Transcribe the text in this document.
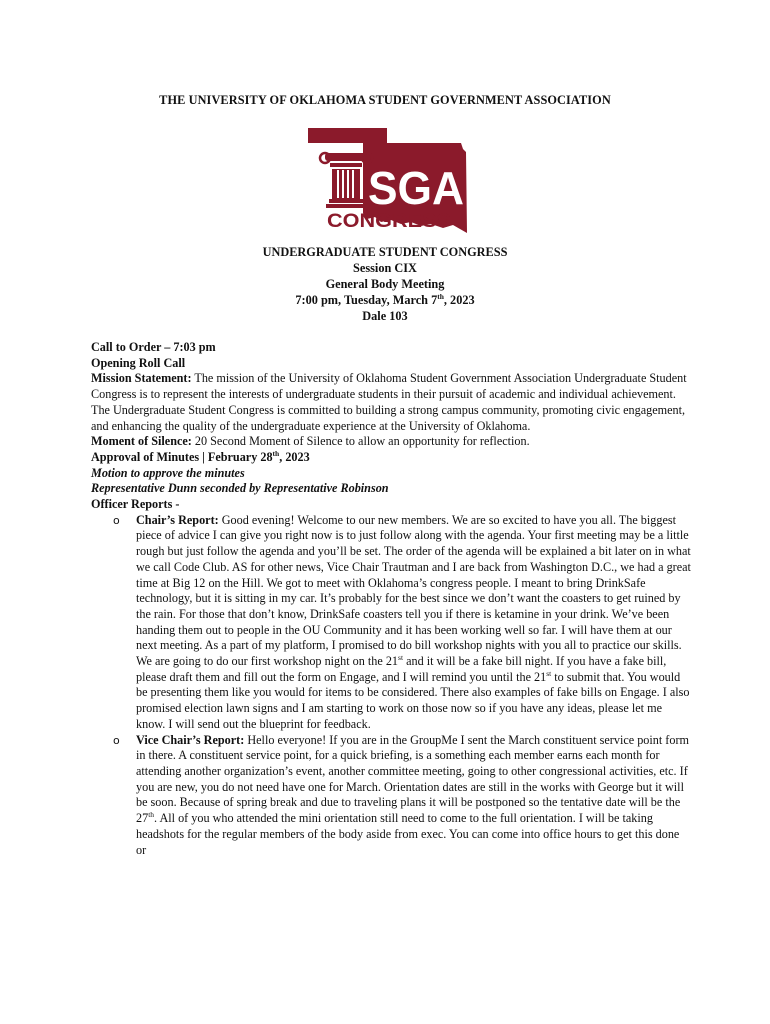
THE UNIVERSITY OF OKLAHOMA STUDENT GOVERNMENT ASSOCIATION
SGA
CONGRESS
UNDERGRADUATE STUDENT CONGRESS
Session CIX
General Body Meeting
7:00 pm, Tuesday, March 7th, 2023
Dale 103

Call to Order – 7:03 pm

Opening Roll Call

Mission Statement: The mission of the University of Oklahoma Student Government Association Undergraduate Student Congress is to represent the interests of undergraduate students in their pursuit of academic and individual achievement. The Undergraduate Student Congress is committed to building a strong campus community, promoting civic engagement, and enhancing the quality of the undergraduate experience at the University of Oklahoma.

Moment of Silence: 20 Second Moment of Silence to allow an opportunity for reflection.

Approval of Minutes | February 28th, 2023

Motion to approve the minutes

Representative Dunn seconded by Representative Robinson

Officer Reports -

o Chair’s Report: Good evening! Welcome to our new members. We are so excited to have you all. The biggest piece of advice I can give you right now is to just follow along with the agenda. Your first meeting may be a little rough but just follow the agenda and you’ll be set. The order of the agenda will be explained a bit later on in what we call Code Club. AS for other news, Vice Chair Trautman and I are back from Washington D.C., we had a great time at Big 12 on the Hill. We got to meet with Oklahoma’s congress people. I meant to bring DrinkSafe technology, but it is sitting in my car. It’s probably for the best since we don’t want the coasters to get ruined by the rain. For those that don’t know, DrinkSafe coasters tell you if there is ketamine in your drink. We’ve been handing them out to people in the OU Community and it has been working well so far. I will have them at our next meeting. As a part of my platform, I promised to do bill workshop nights with you all to practice our skills. We are going to do our first workshop night on the 21st and it will be a fake bill night. If you have a fake bill, please draft them and fill out the form on Engage, and I will remind you until the 21st to submit that. You would be presenting them like you would for items to be considered. There also examples of fake bills on Engage. I also promised election lawn signs and I am starting to work on those now so if you have any ideas, please let me know. I will send out the blueprint for feedback.
o Vice Chair’s Report: Hello everyone! If you are in the GroupMe I sent the March constituent service point form in there. A constituent service point, for a quick briefing, is a something each member earns each month for attending another organization’s event, another committee meeting, going to other congressional activities, etc. If you are new, you do not need have one for March. Orientation dates are still in the works with George but it will be soon. Because of spring break and due to traveling plans it will be postponed so the tentative date will be the 27th. All of you who attended the mini orientation still need to come to the full orientation. I will be taking headshots for the regular members of the body aside from exec. You can come into office hours to get this done or
